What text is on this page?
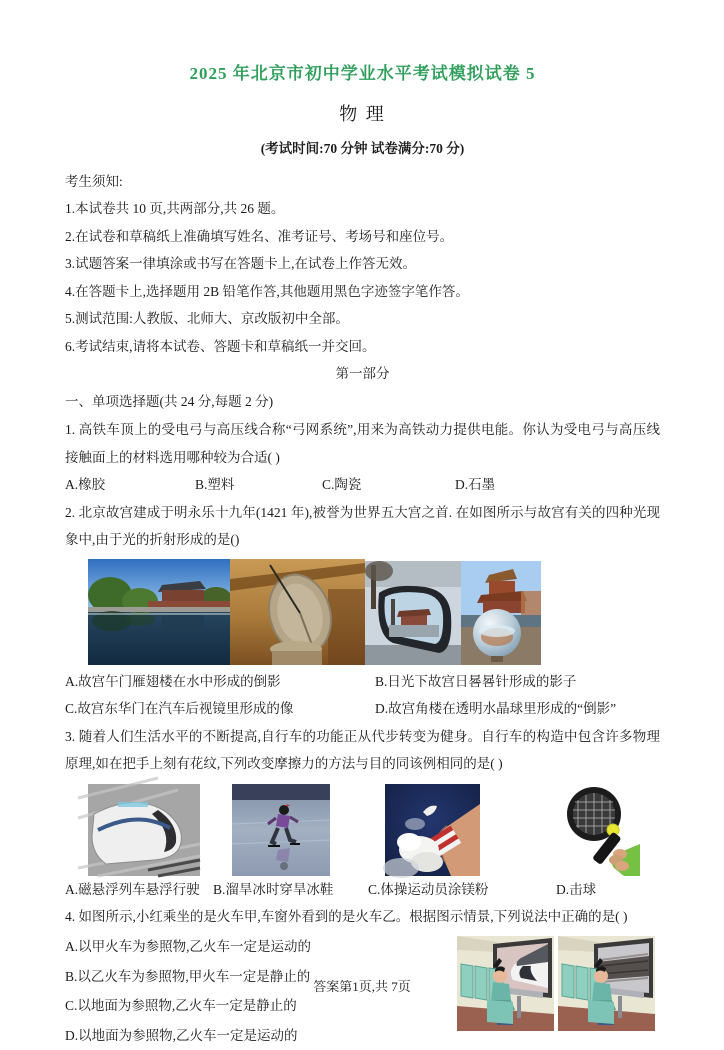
2025 年北京市初中学业水平考试模拟试卷 5
物 理
(考试时间:70 分钟 试卷满分:70 分)
考生须知:
1.本试卷共 10 页,共两部分,共 26 题。
2.在试卷和草稿纸上准确填写姓名、准考证号、考场号和座位号。
3.试题答案一律填涂或书写在答题卡上,在试卷上作答无效。
4.在答题卡上,选择题用 2B 铅笔作答,其他题用黑色字迹签字笔作答。
5.测试范围:人教版、北师大、京改版初中全部。
6.考试结束,请将本试卷、答题卡和草稿纸一并交回。
第一部分
一、单项选择题(共 24 分,每题 2 分)
1. 高铁车顶上的受电弓与高压线合称“弓网系统”,用来为高铁动力提供电能。你认为受电弓与高压线接触面上的材料选用哪种较为合适( )
A.橡胶	B.塑料	C.陶瓷	D.石墨
2. 北京故宫建成于明永乐十九年(1421 年),被誉为世界五大宫之首. 在如图所示与故宫有关的四种光现象中,由于光的折射形成的是()
A.故宫午门雁翅楼在水中形成的倒影	B.日光下故宫日晷晷针形成的影子
C.故宫东华门在汽车后视镜里形成的像	D.故宫角楼在透明水晶球里形成的“倒影”
3. 随着人们生活水平的不断提高,自行车的功能正从代步转变为健身。自行车的构造中包含许多物理原理,如在把手上刻有花纹,下列改变摩擦力的方法与目的同该例相同的是( )
A.磁悬浮列车悬浮行驶 B.溜旱冰时穿旱冰鞋	C.体操运动员涂镁粉	D.击球
4. 如图所示,小红乘坐的是火车甲,车窗外看到的是火车乙。根据图示情景,下列说法中正确的是( )
A.以甲火车为参照物,乙火车一定是运动的
B.以乙火车为参照物,甲火车一定是静止的
C.以地面为参照物,乙火车一定是静止的
D.以地面为参照物,乙火车一定是运动的
答案第1页,共 7页
